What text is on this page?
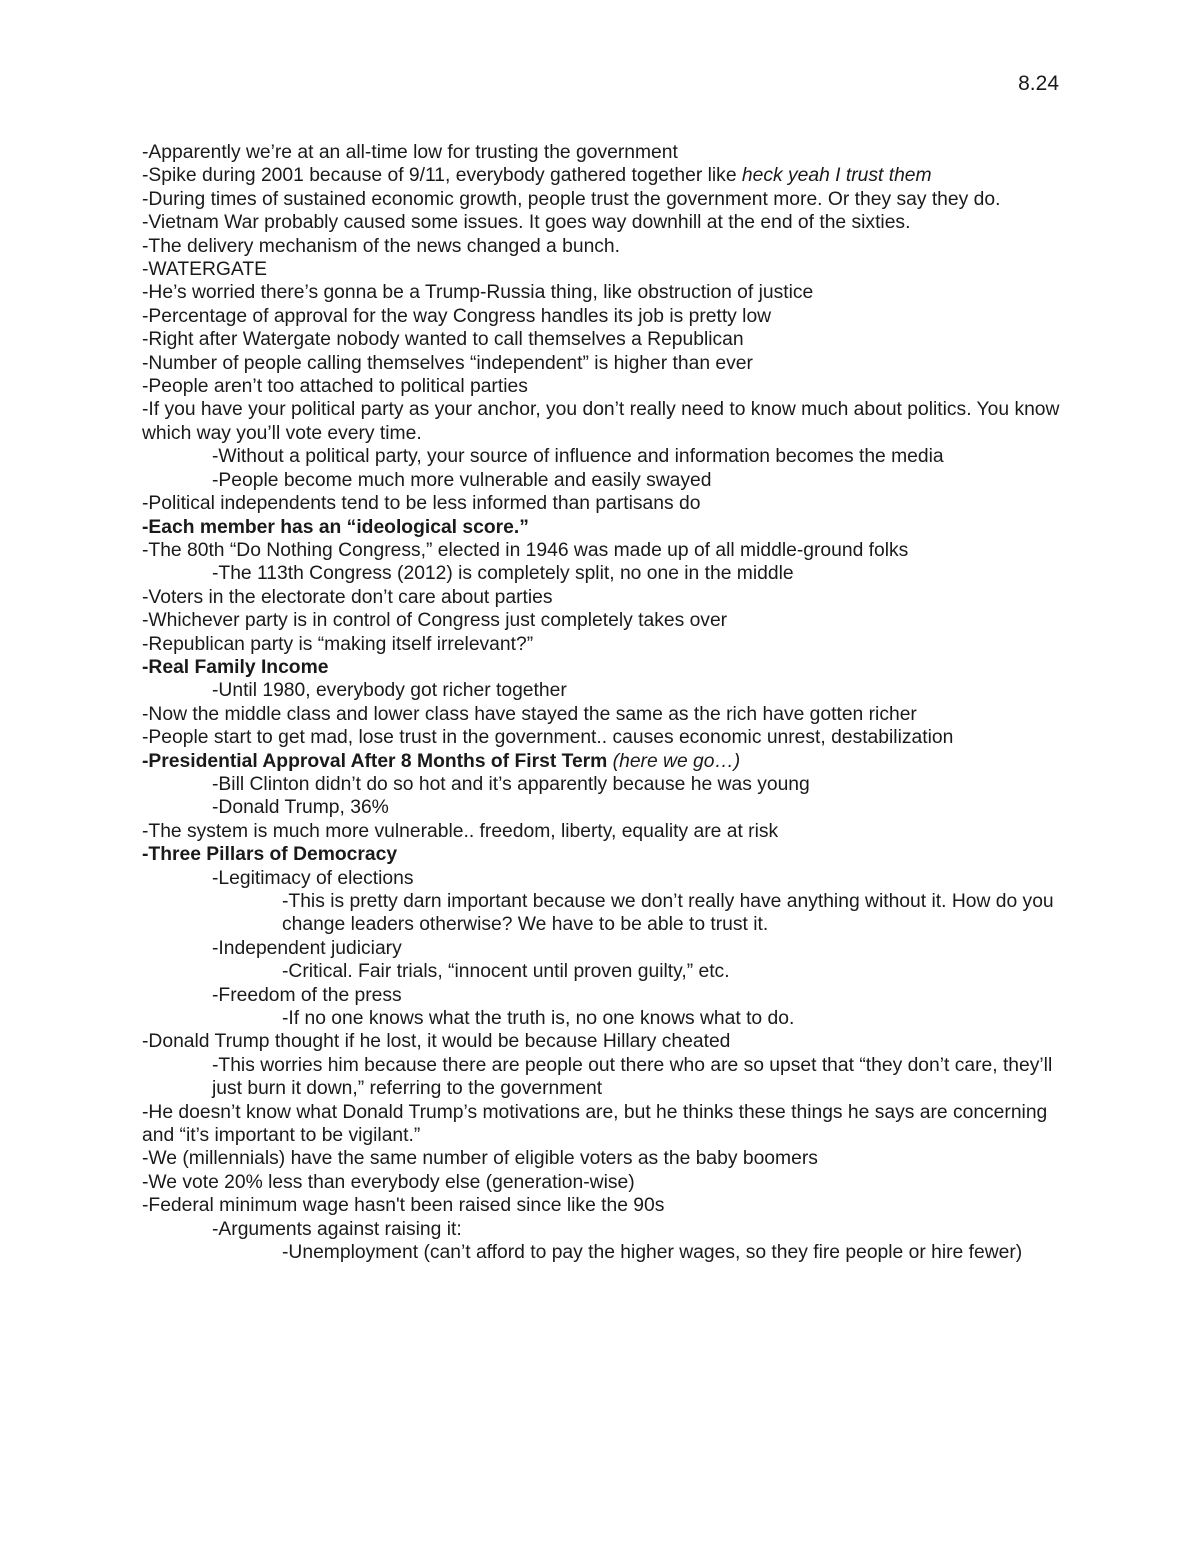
8.24

-Apparently we’re at an all-time low for trusting the government

-Spike during 2001 because of 9/11, everybody gathered together like heck yeah I trust them

-During times of sustained economic growth, people trust the government more. Or they say they do.

-Vietnam War probably caused some issues. It goes way downhill at the end of the sixties.

-The delivery mechanism of the news changed a bunch.

-WATERGATE

-He’s worried there’s gonna be a Trump-Russia thing, like obstruction of justice

-Percentage of approval for the way Congress handles its job is pretty low

-Right after Watergate nobody wanted to call themselves a Republican

-Number of people calling themselves “independent” is higher than ever

-People aren’t too attached to political parties

-If you have your political party as your anchor, you don’t really need to know much about politics. You know which way you’ll vote every time.

-Without a political party, your source of influence and information becomes the media

-People become much more vulnerable and easily swayed

-Political independents tend to be less informed than partisans do

-Each member has an “ideological score.”

-The 80th “Do Nothing Congress,” elected in 1946 was made up of all middle-ground folks

-The 113th Congress (2012) is completely split, no one in the middle

-Voters in the electorate don’t care about parties

-Whichever party is in control of Congress just completely takes over

-Republican party is “making itself irrelevant?”

-Real Family Income

-Until 1980, everybody got richer together

-Now the middle class and lower class have stayed the same as the rich have gotten richer

-People start to get mad, lose trust in the government.. causes economic unrest, destabilization

-Presidential Approval After 8 Months of First Term (here we go…)

-Bill Clinton didn’t do so hot and it’s apparently because he was young

-Donald Trump, 36%

-The system is much more vulnerable.. freedom, liberty, equality are at risk

-Three Pillars of Democracy

-Legitimacy of elections

-This is pretty darn important because we don’t really have anything without it. How do you change leaders otherwise? We have to be able to trust it.

-Independent judiciary

-Critical. Fair trials, “innocent until proven guilty,” etc.

-Freedom of the press

-If no one knows what the truth is, no one knows what to do.

-Donald Trump thought if he lost, it would be because Hillary cheated

-This worries him because there are people out there who are so upset that “they don’t care, they’ll just burn it down,” referring to the government

-He doesn’t know what Donald Trump’s motivations are, but he thinks these things he says are concerning and “it’s important to be vigilant.”

-We (millennials) have the same number of eligible voters as the baby boomers

-We vote 20% less than everybody else (generation-wise)

-Federal minimum wage hasn't been raised since like the 90s

-Arguments against raising it:

-Unemployment (can’t afford to pay the higher wages, so they fire people or hire fewer)
